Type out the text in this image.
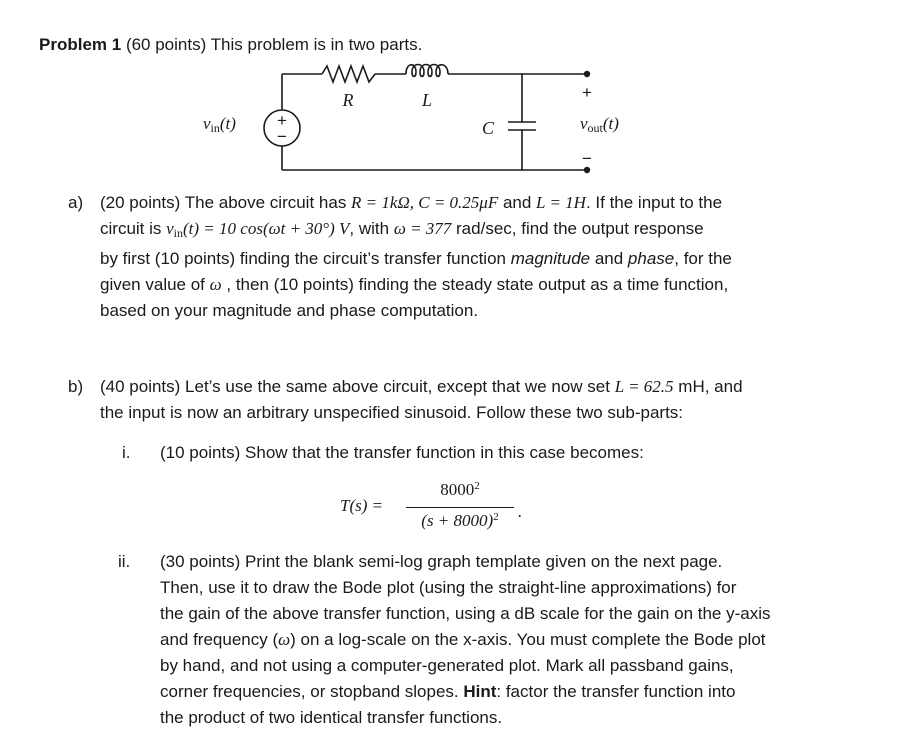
Problem 1 (60 points) This problem is in two parts.
+
−
R	L
C
+
−
$v_{in}(t)$	$v_{out}(t)$
a) (20 points) The above circuit has R = 1kΩ, C = 0.25μF and L = 1H. If the input to the
circuit is $v_{in}(t) = 10$ cos(ωt + 30°) V, with ω = 377 rad/sec, find the output response
by first (10 points) finding the circuit’s transfer function magnitude and phase, for the
given value of ω , then (10 points) finding the steady state output as a time function,
based on your magnitude and phase computation.
b) (40 points) Let’s use the same above circuit, except that we now set L = 62.5 mH, and
the input is now an arbitrary unspecified sinusoid. Follow these two sub-parts:
i. (10 points) Show that the transfer function in this case becomes:
T(s) =
$8000^2$
$(s + 8000)^2$	.
ii. (30 points) Print the blank semi-log graph template given on the next page.
Then, use it to draw the Bode plot (using the straight-line approximations) for
the gain of the above transfer function, using a dB scale for the gain on the y-axis
and frequency (ω) on a log-scale on the x-axis. You must complete the Bode plot
by hand, and not using a computer-generated plot. Mark all passband gains,
corner frequencies, or stopband slopes. Hint: factor the transfer function into
the product of two identical transfer functions.
